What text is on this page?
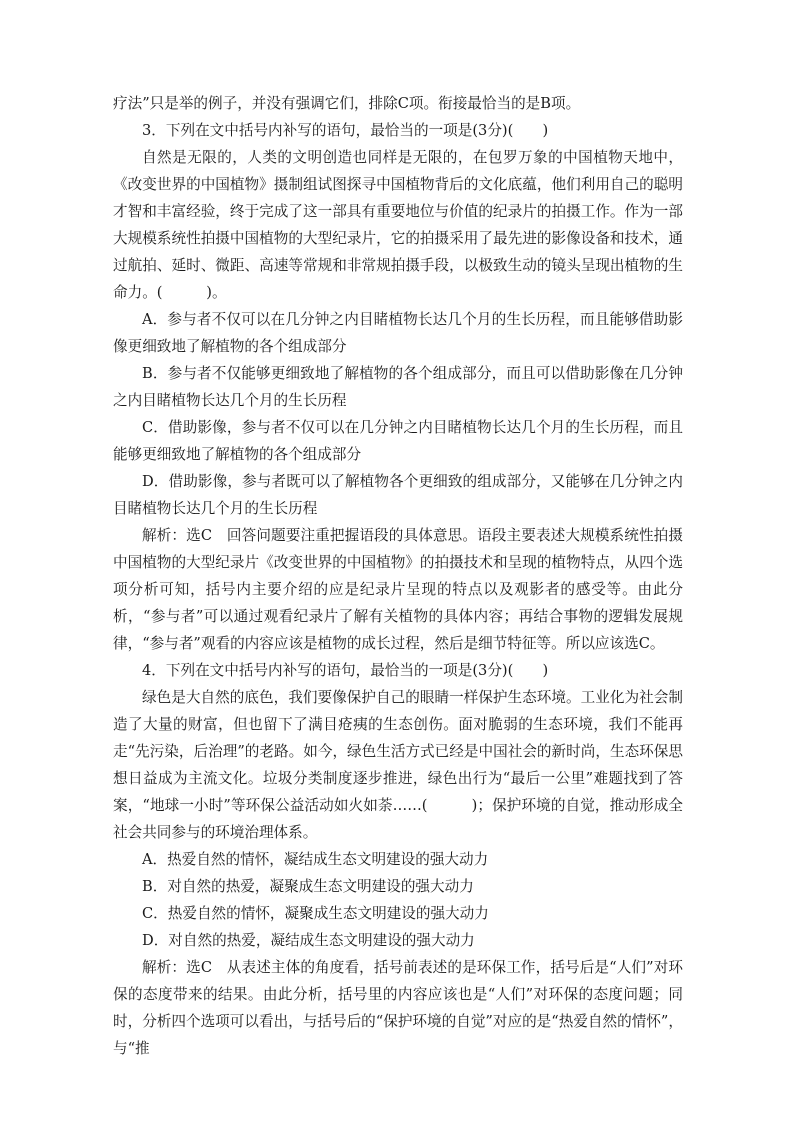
疗法”只是举的例子，并没有强调它们，排除C项。衔接最恰当的是B项。

3．下列在文中括号内补写的语句，最恰当的一项是(3分)(　　)

自然是无限的，人类的文明创造也同样是无限的，在包罗万象的中国植物天地中，《改变世界的中国植物》摄制组试图探寻中国植物背后的文化底蕴，他们利用自己的聪明才智和丰富经验，终于完成了这一部具有重要地位与价值的纪录片的拍摄工作。作为一部大规模系统性拍摄中国植物的大型纪录片，它的拍摄采用了最先进的影像设备和技术，通过航拍、延时、微距、高速等常规和非常规拍摄手段，以极致生动的镜头呈现出植物的生命力。(　　　)。

A．参与者不仅可以在几分钟之内目睹植物长达几个月的生长历程，而且能够借助影像更细致地了解植物的各个组成部分

B．参与者不仅能够更细致地了解植物的各个组成部分，而且可以借助影像在几分钟之内目睹植物长达几个月的生长历程

C．借助影像，参与者不仅可以在几分钟之内目睹植物长达几个月的生长历程，而且能够更细致地了解植物的各个组成部分

D．借助影像，参与者既可以了解植物各个更细致的组成部分，又能够在几分钟之内目睹植物长达几个月的生长历程

解析：选C　回答问题要注重把握语段的具体意思。语段主要表述大规模系统性拍摄中国植物的大型纪录片《改变世界的中国植物》的拍摄技术和呈现的植物特点，从四个选项分析可知，括号内主要介绍的应是纪录片呈现的特点以及观影者的感受等。由此分析，“参与者”可以通过观看纪录片了解有关植物的具体内容；再结合事物的逻辑发展规律，“参与者”观看的内容应该是植物的成长过程，然后是细节特征等。所以应该选C。

4．下列在文中括号内补写的语句，最恰当的一项是(3分)(　　)

绿色是大自然的底色，我们要像保护自己的眼睛一样保护生态环境。工业化为社会制造了大量的财富，但也留下了满目疮痍的生态创伤。面对脆弱的生态环境，我们不能再走“先污染，后治理”的老路。如今，绿色生活方式已经是中国社会的新时尚，生态环保思想日益成为主流文化。垃圾分类制度逐步推进，绿色出行为“最后一公里”难题找到了答案，“地球一小时”等环保公益活动如火如荼……(　　　)；保护环境的自觉，推动形成全社会共同参与的环境治理体系。

A．热爱自然的情怀，凝结成生态文明建设的强大动力

B．对自然的热爱，凝聚成生态文明建设的强大动力

C．热爱自然的情怀，凝聚成生态文明建设的强大动力

D．对自然的热爱，凝结成生态文明建设的强大动力

解析：选C　从表述主体的角度看，括号前表述的是环保工作，括号后是“人们”对环保的态度带来的结果。由此分析，括号里的内容应该也是“人们”对环保的态度问题；同时，分析四个选项可以看出，与括号后的“保护环境的自觉”对应的是“热爱自然的情怀”，与“推
